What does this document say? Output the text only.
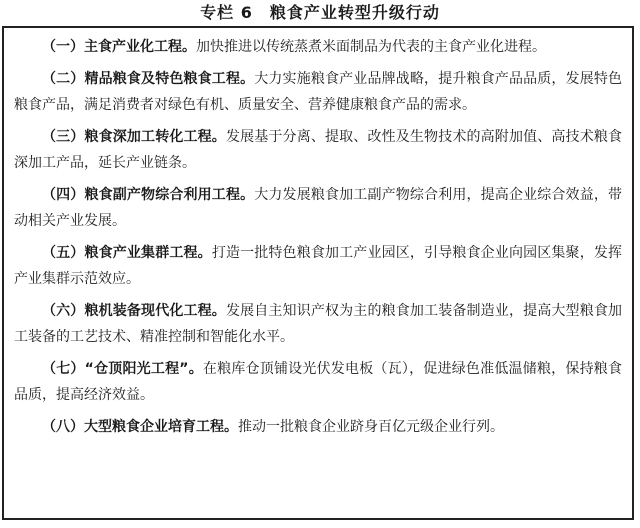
专栏 6　粮食产业转型升级行动

（一）主食产业化工程。加快推进以传统蒸煮米面制品为代表的主食产业化进程。

（二）精品粮食及特色粮食工程。大力实施粮食产业品牌战略，提升粮食产品品质，发展特色粮食产品，满足消费者对绿色有机、质量安全、营养健康粮食产品的需求。

（三）粮食深加工转化工程。发展基于分离、提取、改性及生物技术的高附加值、高技术粮食深加工产品，延长产业链条。

（四）粮食副产物综合利用工程。大力发展粮食加工副产物综合利用，提高企业综合效益，带动相关产业发展。

（五）粮食产业集群工程。打造一批特色粮食加工产业园区，引导粮食企业向园区集聚，发挥产业集群示范效应。

（六）粮机装备现代化工程。发展自主知识产权为主的粮食加工装备制造业，提高大型粮食加工装备的工艺技术、精准控制和智能化水平。

（七）“仓顶阳光工程”。在粮库仓顶铺设光伏发电板（瓦），促进绿色准低温储粮，保持粮食品质，提高经济效益。

（八）大型粮食企业培育工程。推动一批粮食企业跻身百亿元级企业行列。
